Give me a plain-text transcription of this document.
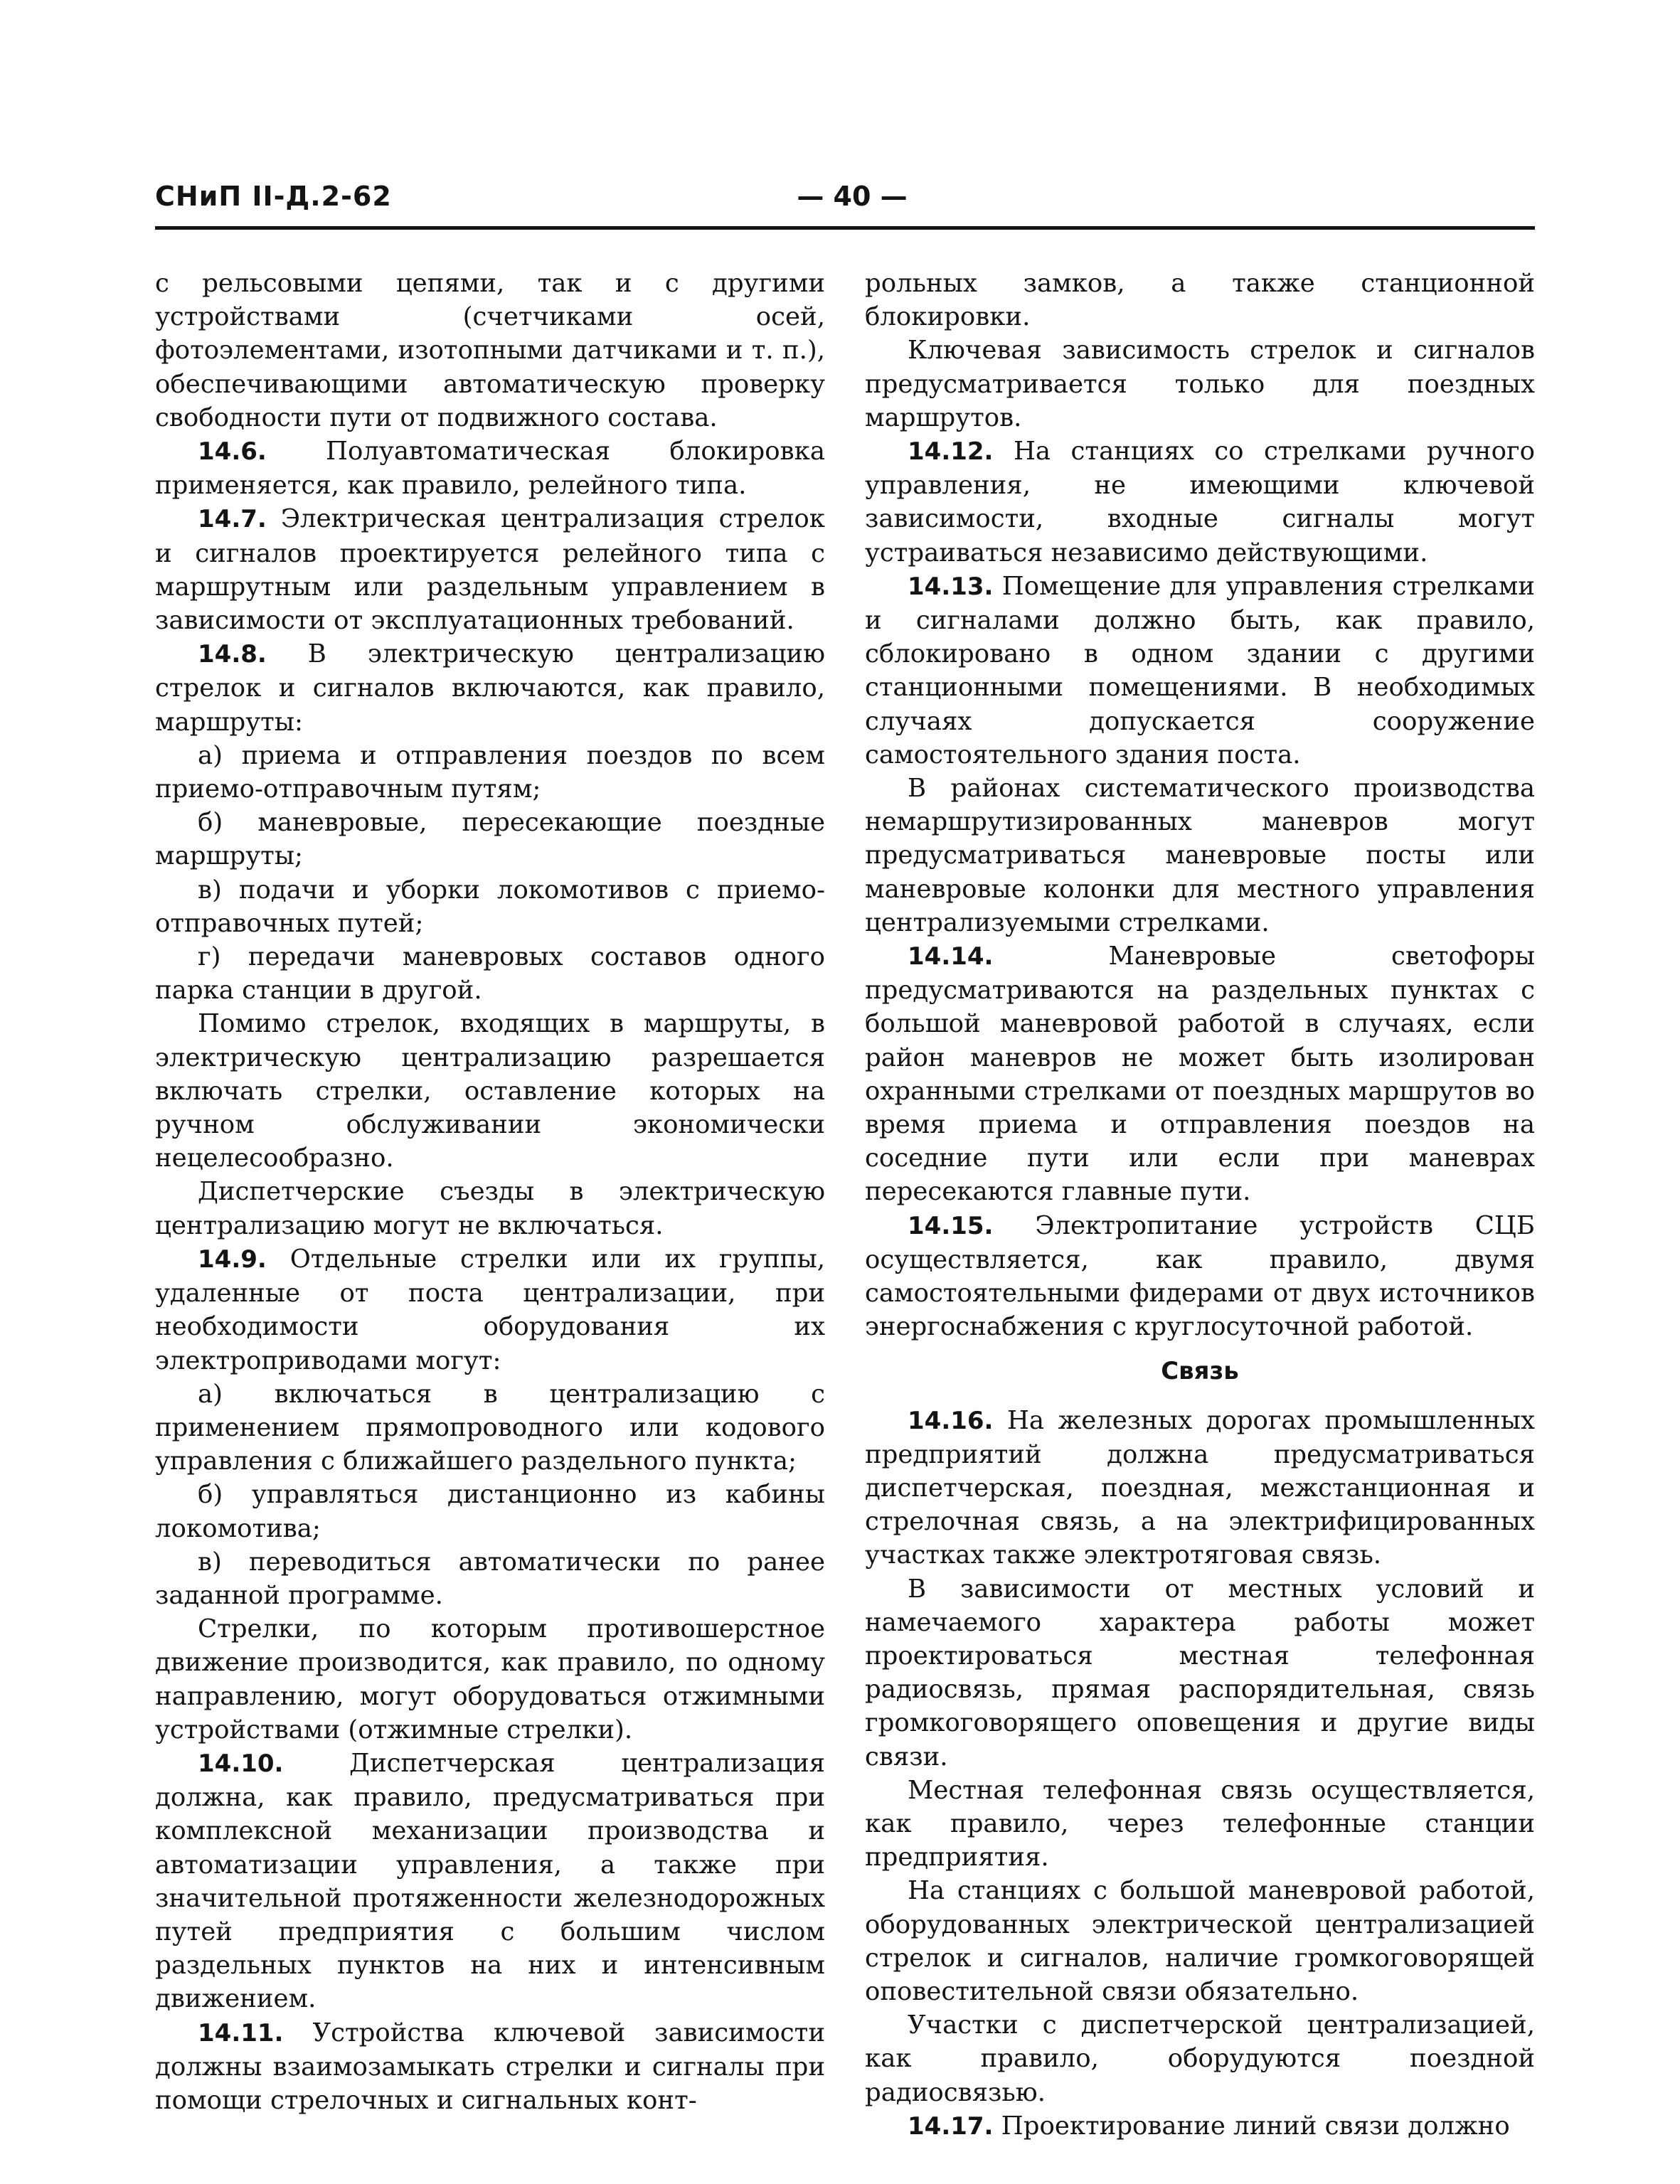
СНиП II-Д.2-62	— 40 —

с рельсовыми цепями, так и с другими устройствами (счетчиками осей, фотоэлементами, изотопными датчиками и т. п.), обеспечивающими автоматическую проверку свободности пути от подвижного состава.

14.6. Полуавтоматическая блокировка применяется, как правило, релейного типа.

14.7. Электрическая централизация стрелок и сигналов проектируется релейного типа с маршрутным или раздельным управлением в зависимости от эксплуатационных требований.

14.8. В электрическую централизацию стрелок и сигналов включаются, как правило, маршруты:

а) приема и отправления поездов по всем приемо-отправочным путям;

б) маневровые, пересекающие поездные маршруты;

в) подачи и уборки локомотивов с приемо-отправочных путей;

г) передачи маневровых составов одного парка станции в другой.

Помимо стрелок, входящих в маршруты, в электрическую централизацию разрешается включать стрелки, оставление которых на ручном обслуживании экономически нецелесообразно.

Диспетчерские съезды в электрическую централизацию могут не включаться.

14.9. Отдельные стрелки или их группы, удаленные от поста централизации, при необходимости оборудования их электроприводами могут:

а) включаться в централизацию с применением прямопроводного или кодового управления с ближайшего раздельного пункта;

б) управляться дистанционно из кабины локомотива;

в) переводиться автоматически по ранее заданной программе.

Стрелки, по которым противошерстное движение производится, как правило, по одному направлению, могут оборудоваться отжимными устройствами (отжимные стрелки).

14.10.	Диспетчерская централизация должна, как правило, предусматриваться при комплексной механизации производства и автоматизации управления, а также при значительной протяженности железнодорожных путей предприятия с большим числом раздельных пунктов на них и интенсивным движением.

14.11. Устройства ключевой зависимости должны взаимозамыкать стрелки и сигналы при помощи стрелочных и сигнальных конт-

рольных замков, а также станционной блокировки.

Ключевая зависимость стрелок и сигналов предусматривается только для поездных маршрутов.

14.12. На станциях со стрелками ручного управления, не имеющими ключевой зависимости, входные сигналы могут устраиваться независимо действующими.

14.13. Помещение для управления стрелками и сигналами должно быть, как правило, сблокировано в одном здании с другими станционными помещениями. В необходимых случаях допускается сооружение самостоятельного здания поста.

В районах систематического производства немаршрутизированных маневров могут предусматриваться маневровые посты или маневровые колонки для местного управления централизуемыми стрелками.

14.14.	Маневровые светофоры предусматриваются на раздельных пунктах с большой маневровой работой в случаях, если район маневров не может быть изолирован охранными стрелками от поездных маршрутов во время приема и отправления поездов на соседние пути или если при маневрах пересекаются главные пути.

14.15. Электропитание устройств СЦБ осуществляется, как правило, двумя самостоятельными фидерами от двух источников энергоснабжения с круглосуточной работой.

Связь

14.16. На железных дорогах промышленных предприятий должна предусматриваться диспетчерская, поездная, межстанционная и стрелочная связь, а на электрифицированных участках также электротяговая связь.

В зависимости от местных условий и намечаемого характера работы может проектироваться местная телефонная радиосвязь, прямая распорядительная, связь громкоговорящего оповещения и другие виды связи.

Местная телефонная связь осуществляется, как правило, через телефонные станции предприятия.

На станциях с большой маневровой работой, оборудованных электрической централизацией стрелок и сигналов, наличие громкоговорящей оповестительной связи обязательно.

Участки с диспетчерской централизацией, как правило, оборудуются поездной радиосвязью.

14.17. Проектирование линий связи должно
